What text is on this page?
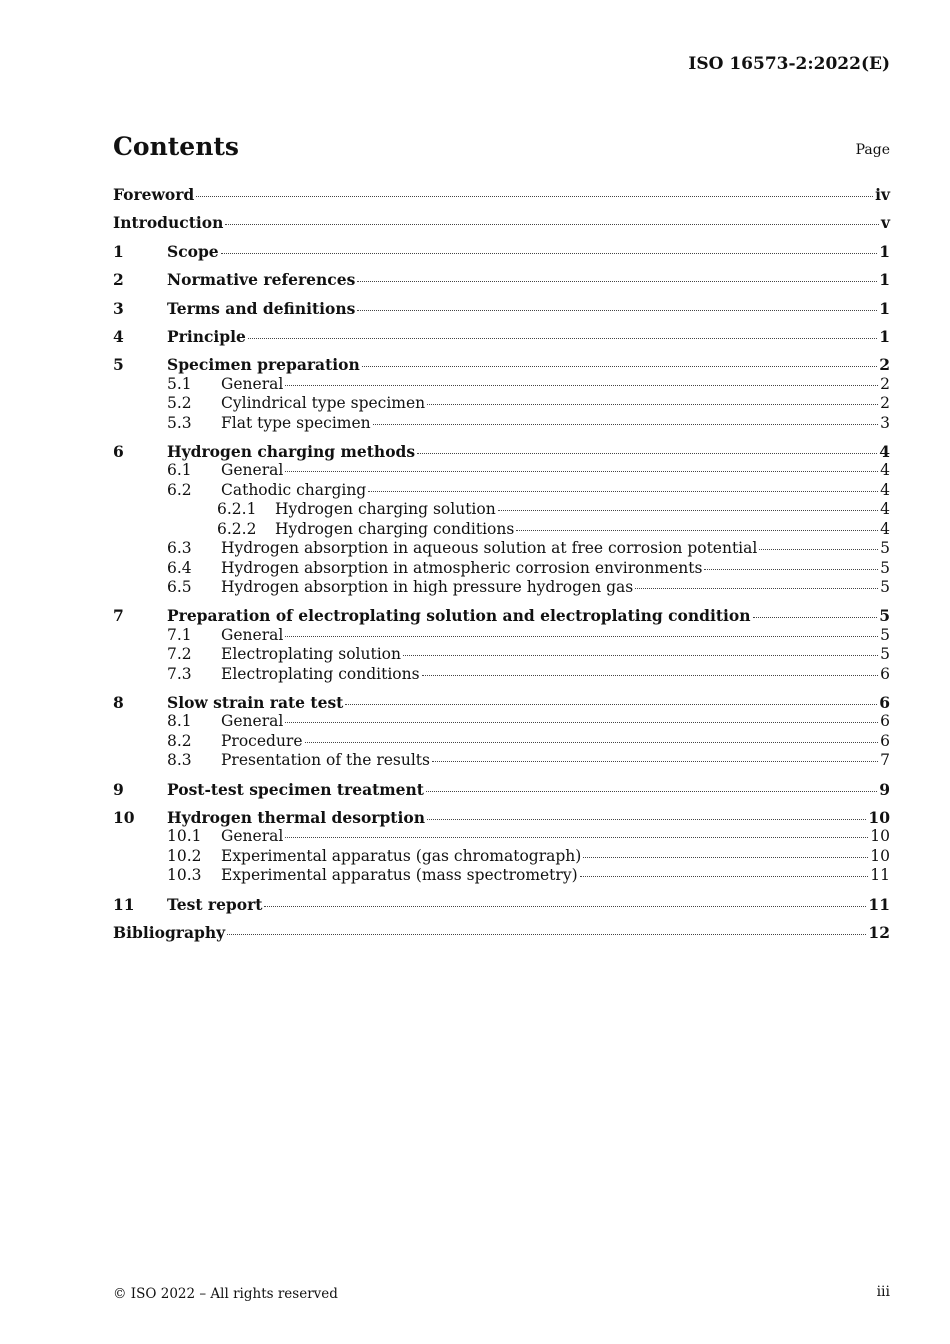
ISO 16573-2:2022(E)
Contents	Page
Foreword	iv
Introduction	v
1	Scope	1
2	Normative references	1
3	Terms and definitions	1
4	Principle	1
5	Specimen preparation	2
5.1	General	2
5.2	Cylindrical type specimen	2
5.3	Flat type specimen	3
6	Hydrogen charging methods	4
6.1	General	4
6.2	Cathodic charging	4
6.2.1	Hydrogen charging solution	4
6.2.2	Hydrogen charging conditions	4
6.3	Hydrogen absorption in aqueous solution at free corrosion potential	5
6.4	Hydrogen absorption in atmospheric corrosion environments	5
6.5	Hydrogen absorption in high pressure hydrogen gas	5
7	Preparation of electroplating solution and electroplating condition	5
7.1	General	5
7.2	Electroplating solution	5
7.3	Electroplating conditions	6
8	Slow strain rate test	6
8.1	General	6
8.2	Procedure	6
8.3	Presentation of the results	7
9	Post-test specimen treatment	9
10	Hydrogen thermal desorption	10
10.1	General	10
10.2	Experimental apparatus (gas chromatograph)	10
10.3	Experimental apparatus (mass spectrometry)	11
11	Test report	11
Bibliography	12
© ISO 2022 – All rights reserved	iii
